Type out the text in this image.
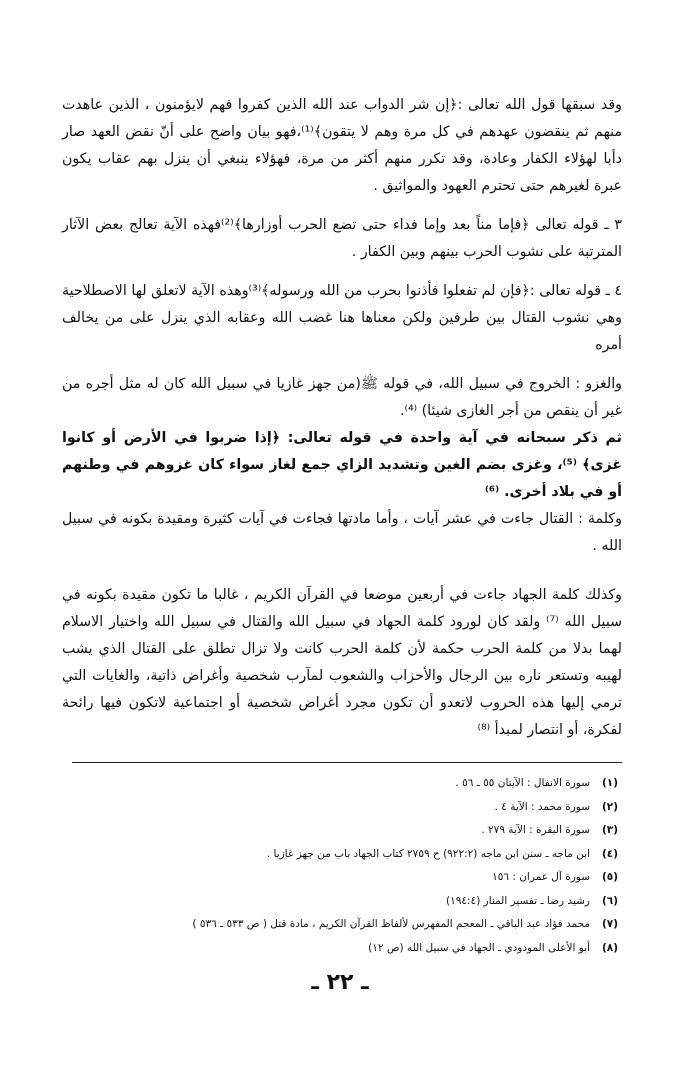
وقد سبقها قول الله تعالى :﴿إن شر الدواب عند الله الذين كفروا فهم لايؤمنون ، الذين عاهدت منهم ثم ينقضون عهدهم في كل مرة وهم لا يتقون﴾⁽¹⁾،فهو بيان واضح على أنّ نقض العهد صار دأبا لهؤلاء الكفار وعادة، وقد تكرر منهم أكثر من مرة، فهؤلاء ينبغي أن ينزل بهم عقاب يكون عبرة لغيرهم حتى تحترم العهود والمواثيق .

٣ ـ قوله تعالى ﴿فإما مناً بعد وإما فداء حتى تضع الحرب أوزارها﴾⁽²⁾فهذه الآية تعالج بعض الآثار المترتبة على نشوب الحرب بينهم وبين الكفار .

٤ ـ قوله تعالى :﴿فإن لم تفعلوا فأذنوا بحرب من الله ورسوله﴾⁽³⁾وهذه الآية لاتعلق لها الاصطلاحية وهي نشوب القتال بين طرفين ولكن معناها هنا غضب الله وعقابه الذي ينزل على من يخالف أمره

والغزو : الخروج في سبيل الله، في قوله ﷺ(من جهز غازيا في سبيل الله كان له مثل أجره من غير أن ينقص من أجر الغازى شيئا) ⁽⁴⁾.

ثم ذكر سبحانه في آية واحدة في قوله تعالى: ﴿إذا ضربوا في الأرض أو كانوا غزى﴾ ⁽⁵⁾، وغزى بضم الغين وتشديد الزاي جمع لغاز سواء كان غزوهم في وطنهم أو في بلاد أخرى. ⁽⁶⁾

وكلمة : القتال جاءت في عشر آيات ، وأما مادتها فجاءت في آيات كثيرة ومقيدة بكونه في سبيل الله .

وكذلك كلمة الجهاد جاءت في أربعين موضعا في القرآن الكريم ، غالبا ما تكون مقيدة بكونه في سبيل الله ⁽⁷⁾ ولقد كان لورود كلمة الجهاد في سبيل الله والقتال في سبيل الله واختيار الاسلام لهما بدلا من كلمة الحرب حكمة لأن كلمة الحرب كانت ولا تزال تطلق على القتال الذي يشب لهيبه وتستعر ناره بين الرجال والأحزاب والشعوب لمآرب شخصية وأغراض ذاتية، والغايات التي ترمي إليها هذه الحروب لاتعدو أن تكون مجرد أغراض شخصية أو اجتماعية لاتكون فيها رائحة لفكرة، أو انتصار لمبدأ ⁽⁸⁾

(١)
سورة الانفال : الآيتان ٥٥ ـ ٥٦ .
(٢)
سورة محمد : الآية ٤ .
(٣)
سورة البقرة : الآية ٢٧٩ .
(٤)
ابن ماجه ـ سنن ابن ماجه (٩٢٢:٢) ح ٢٧٥٩ كتاب الجهاد باب من جهز غازيا .
(٥)
سورة آل عمران : ١٥٦
(٦)
رشيد رضا ـ تفسير المنار (١٩٤:٤)
(٧)
محمد فؤاد عبد الباقي ـ المعجم المفهرس لألفاظ القرآن الكريم ، مادة قتل ( ص ٥٣٣ ـ ٥٣٦ )
(٨)
أبو الأعلى المودودي ـ الجهاد في سبيل الله (ص ١٢)
ـ ٢٢ ـ
